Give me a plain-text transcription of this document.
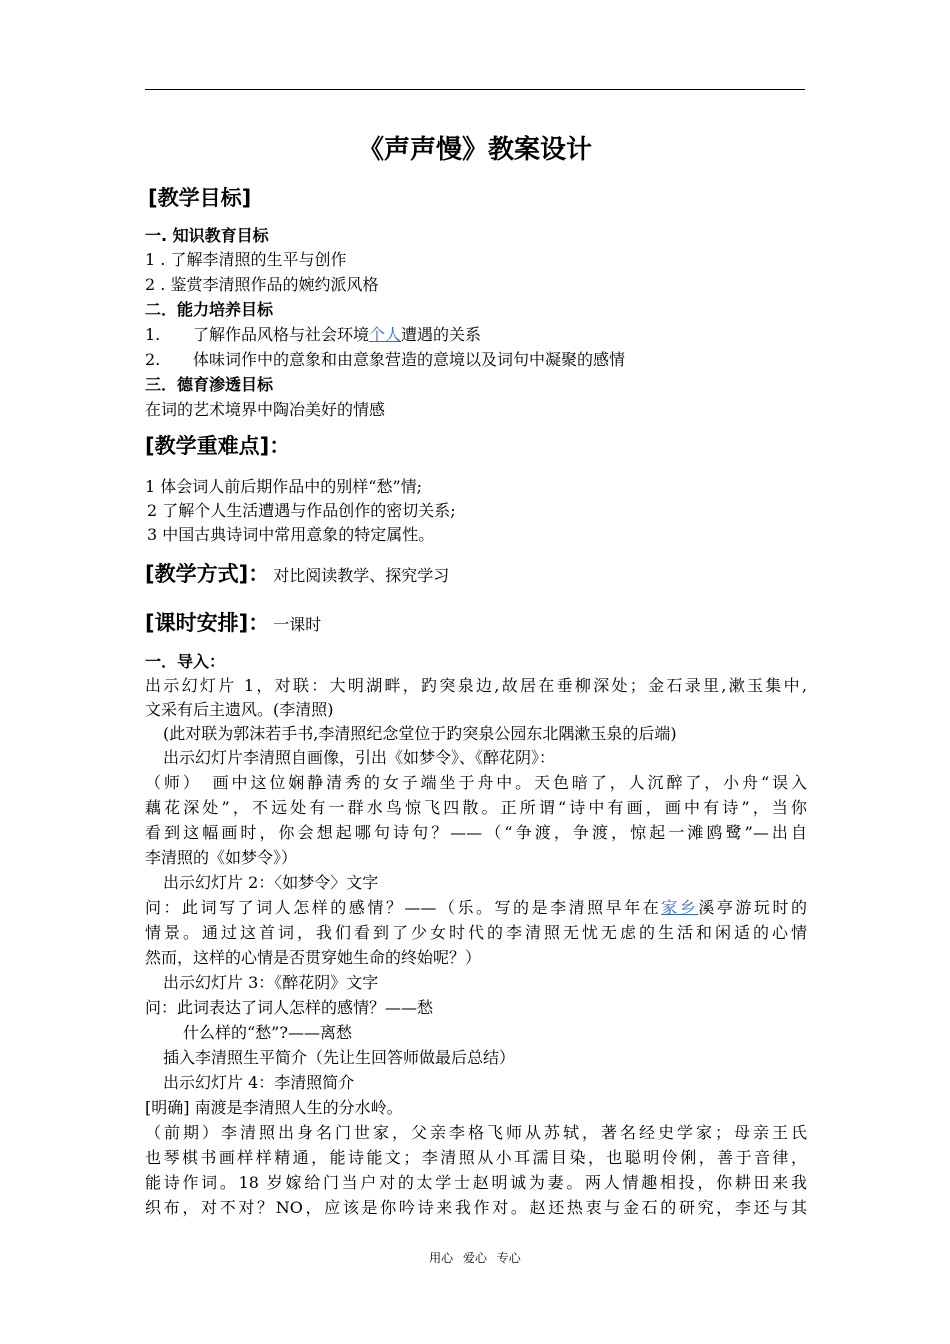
《声声慢》教案设计
[教学目标]
一. 知识教育目标
1 . 了解李清照的生平与创作
2 . 鉴赏李清照作品的婉约派风格
二．能力培养目标
1. 了解作品风格与社会环境个人遭遇的关系
2. 体味词作中的意象和由意象营造的意境以及词句中凝聚的感情
三．德育渗透目标
在词的艺术境界中陶冶美好的情感
[教学重难点]：
1 体会词人前后期作品中的别样“愁”情;
2 了解个人生活遭遇与作品创作的密切关系;
3 中国古典诗词中常用意象的特定属性。
[教学方式]： 对比阅读教学、探究学习
[课时安排]： 一课时
一．导入：
出示幻灯片 1，对联：大明湖畔，趵突泉边,故居在垂柳深处；金石录里,漱玉集中,
文采有后主遗风。(李清照)
(此对联为郭沫若手书,李清照纪念堂位于趵突泉公园东北隅漱玉泉的后端)
出示幻灯片李清照自画像，引出《如梦令》、《醉花阴》：
（师）　画中这位娴静清秀的女子端坐于舟中。天色暗了，人沉醉了，小舟“误入
藕花深处”，不远处有一群水鸟惊飞四散。正所谓“诗中有画，画中有诗”，当你
看到这幅画时，你会想起哪句诗句？——（“争渡，争渡，惊起一滩鸥鹭”—出自
李清照的《如梦令》）
出示幻灯片 2：〈如梦令〉文字
问：此词写了词人怎样的感情？——（乐。写的是李清照早年在家乡溪亭游玩时的
情景。通过这首词，我们看到了少女时代的李清照无忧无虑的生活和闲适的心情
然而，这样的心情是否贯穿她生命的终始呢？）
出示幻灯片 3：《醉花阴》文字
问：此词表达了词人怎样的感情？——愁
什么样的“愁”?——离愁
插入李清照生平简介（先让生回答师做最后总结）
出示幻灯片 4：李清照简介
[明确] 南渡是李清照人生的分水岭。
（前期）李清照出身名门世家，父亲李格飞师从苏轼，著名经史学家；母亲王氏
也琴棋书画样样精通，能诗能文；李清照从小耳濡目染，也聪明伶俐，善于音律，
能诗作词。18 岁嫁给门当户对的太学士赵明诚为妻。两人情趣相投，你耕田来我
织布，对不对？NO，应该是你吟诗来我作对。赵还热衷与金石的研究，李还与其
用心 爱心 专心
